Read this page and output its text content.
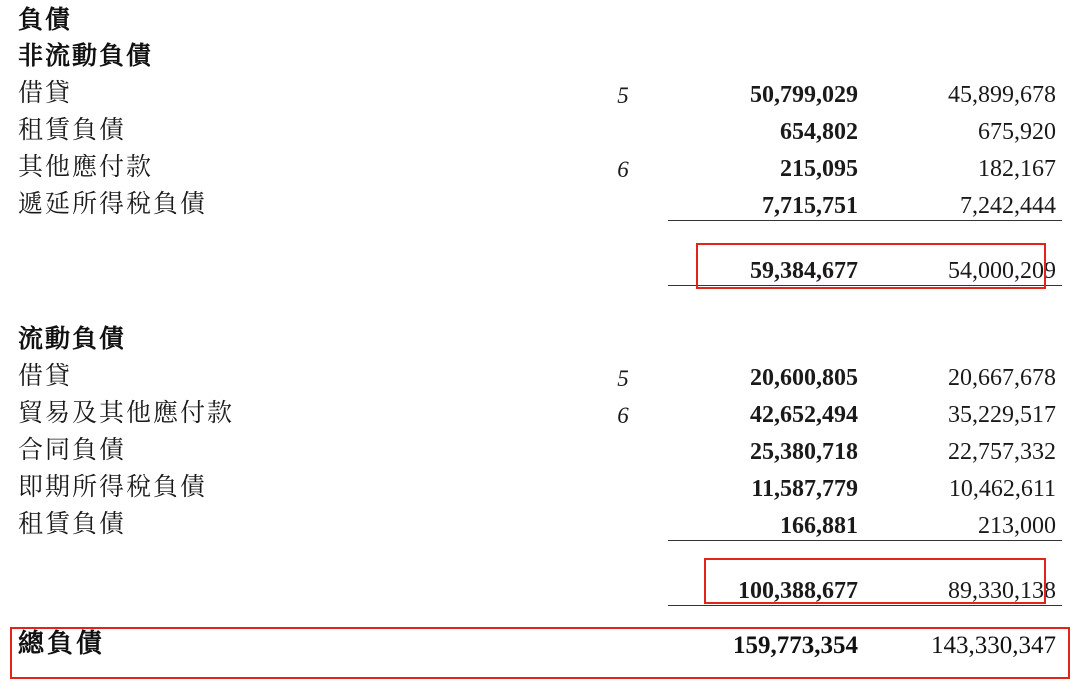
負債			
非流動負債			
借貸	5	50,799,029	45,899,678
租賃負債		654,802	675,920
其他應付款	6	215,095	182,167
遞延所得稅負債		7,715,751	7,242,444

		59,384,677	54,000,209

流動負債			
借貸	5	20,600,805	20,667,678
貿易及其他應付款	6	42,652,494	35,229,517
合同負債		25,380,718	22,757,332
即期所得稅負債		11,587,779	10,462,611
租賃負債		166,881	213,000

		100,388,677	89,330,138

總負債		159,773,354	143,330,347
